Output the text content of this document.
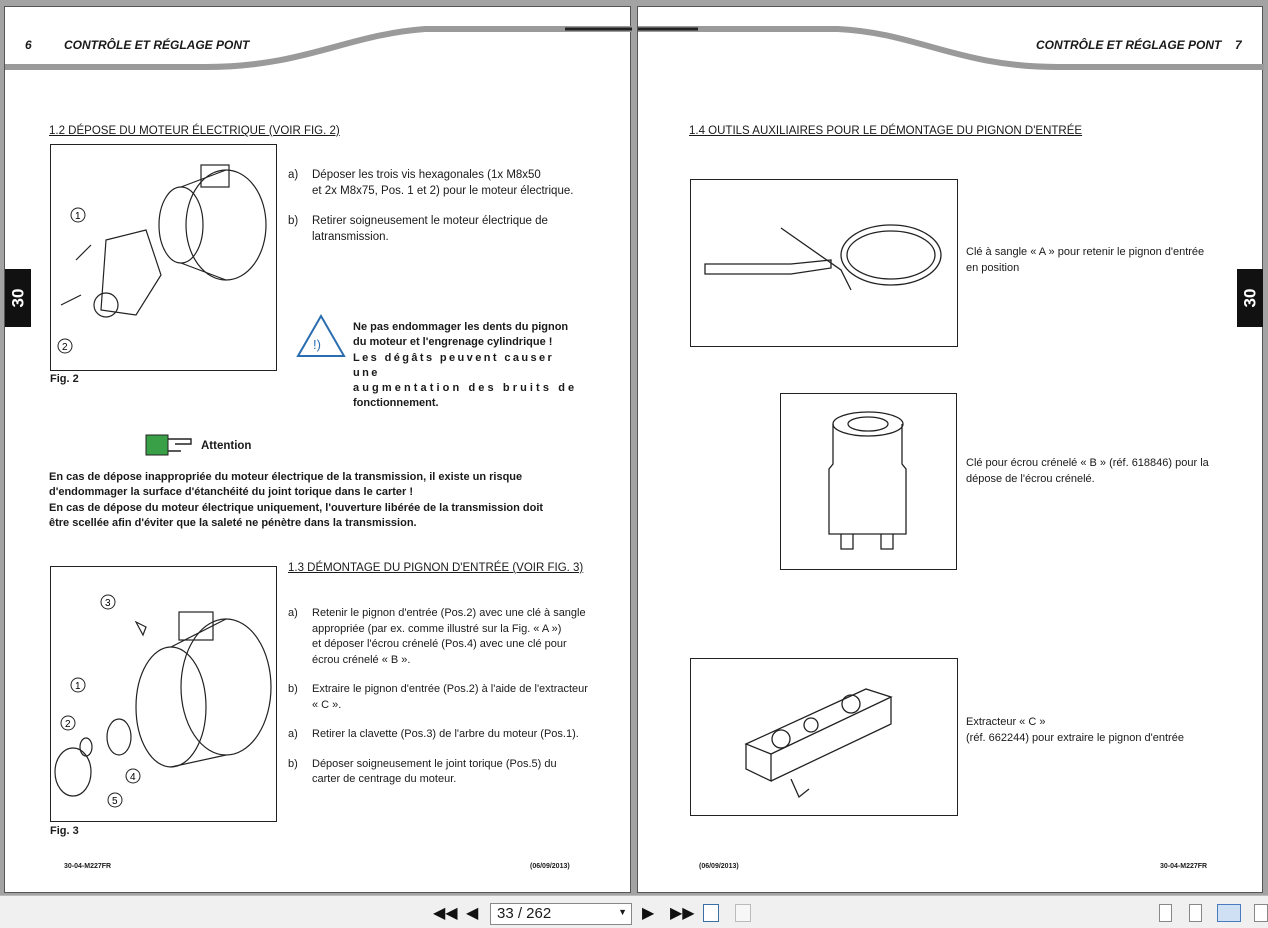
6	CONTRÔLE ET RÉGLAGE PONT
30
1.2 DÉPOSE DU MOTEUR ÉLECTRIQUE (VOIR FIG. 2)
1
2
Fig. 2
a)	Déposer les trois vis hexagonales (1x M8x50
et 2x M8x75, Pos. 1 et 2) pour le moteur électrique.
b)	Retirer soigneusement le moteur électrique de
latransmission.
!)
Ne pas endommager les dents du pignon
du moteur et l'engrenage cylindrique !
Les dégâts peuvent causer une
augmentation des bruits de
fonctionnement.
Attention
En cas de dépose inappropriée du moteur électrique de la transmission, il existe un risque
d'endommager la surface d'étanchéité du joint torique dans le carter !
En cas de dépose du moteur électrique uniquement, l'ouverture libérée de la transmission doit
être scellée afin d'éviter que la saleté ne pénètre dans la transmission.
3
1
2
4
5
Fig. 3
1.3 DÉMONTAGE DU PIGNON D'ENTRÉE (VOIR FIG. 3)
a)	Retenir le pignon d'entrée (Pos.2) avec une clé à sangle
appropriée (par ex. comme illustré sur la Fig. « A »)
et déposer l'écrou crénelé (Pos.4) avec une clé pour
écrou crénelé « B ».
b)	Extraire le pignon d'entrée (Pos.2) à l'aide de l'extracteur
« C ».
a)	Retirer la clavette (Pos.3) de l'arbre du moteur (Pos.1).
b)	Déposer soigneusement le joint torique (Pos.5) du
carter de centrage du moteur.
30-04-M227FR	(06/09/2013)
CONTRÔLE ET RÉGLAGE PONT 7
30
1.4 OUTILS AUXILIAIRES POUR LE DÉMONTAGE DU PIGNON D'ENTRÉE
Clé à sangle « A » pour retenir le pignon d'entrée
en position
Clé pour écrou crénelé « B » (réf. 618846) pour la
dépose de l'écrou crénelé.
Extracteur « C »
(réf. 662244) pour extraire le pignon d'entrée
(06/09/2013)	30-04-M227FR
◀◀ ◀	33 / 262	▼ ▶ ▶▶
